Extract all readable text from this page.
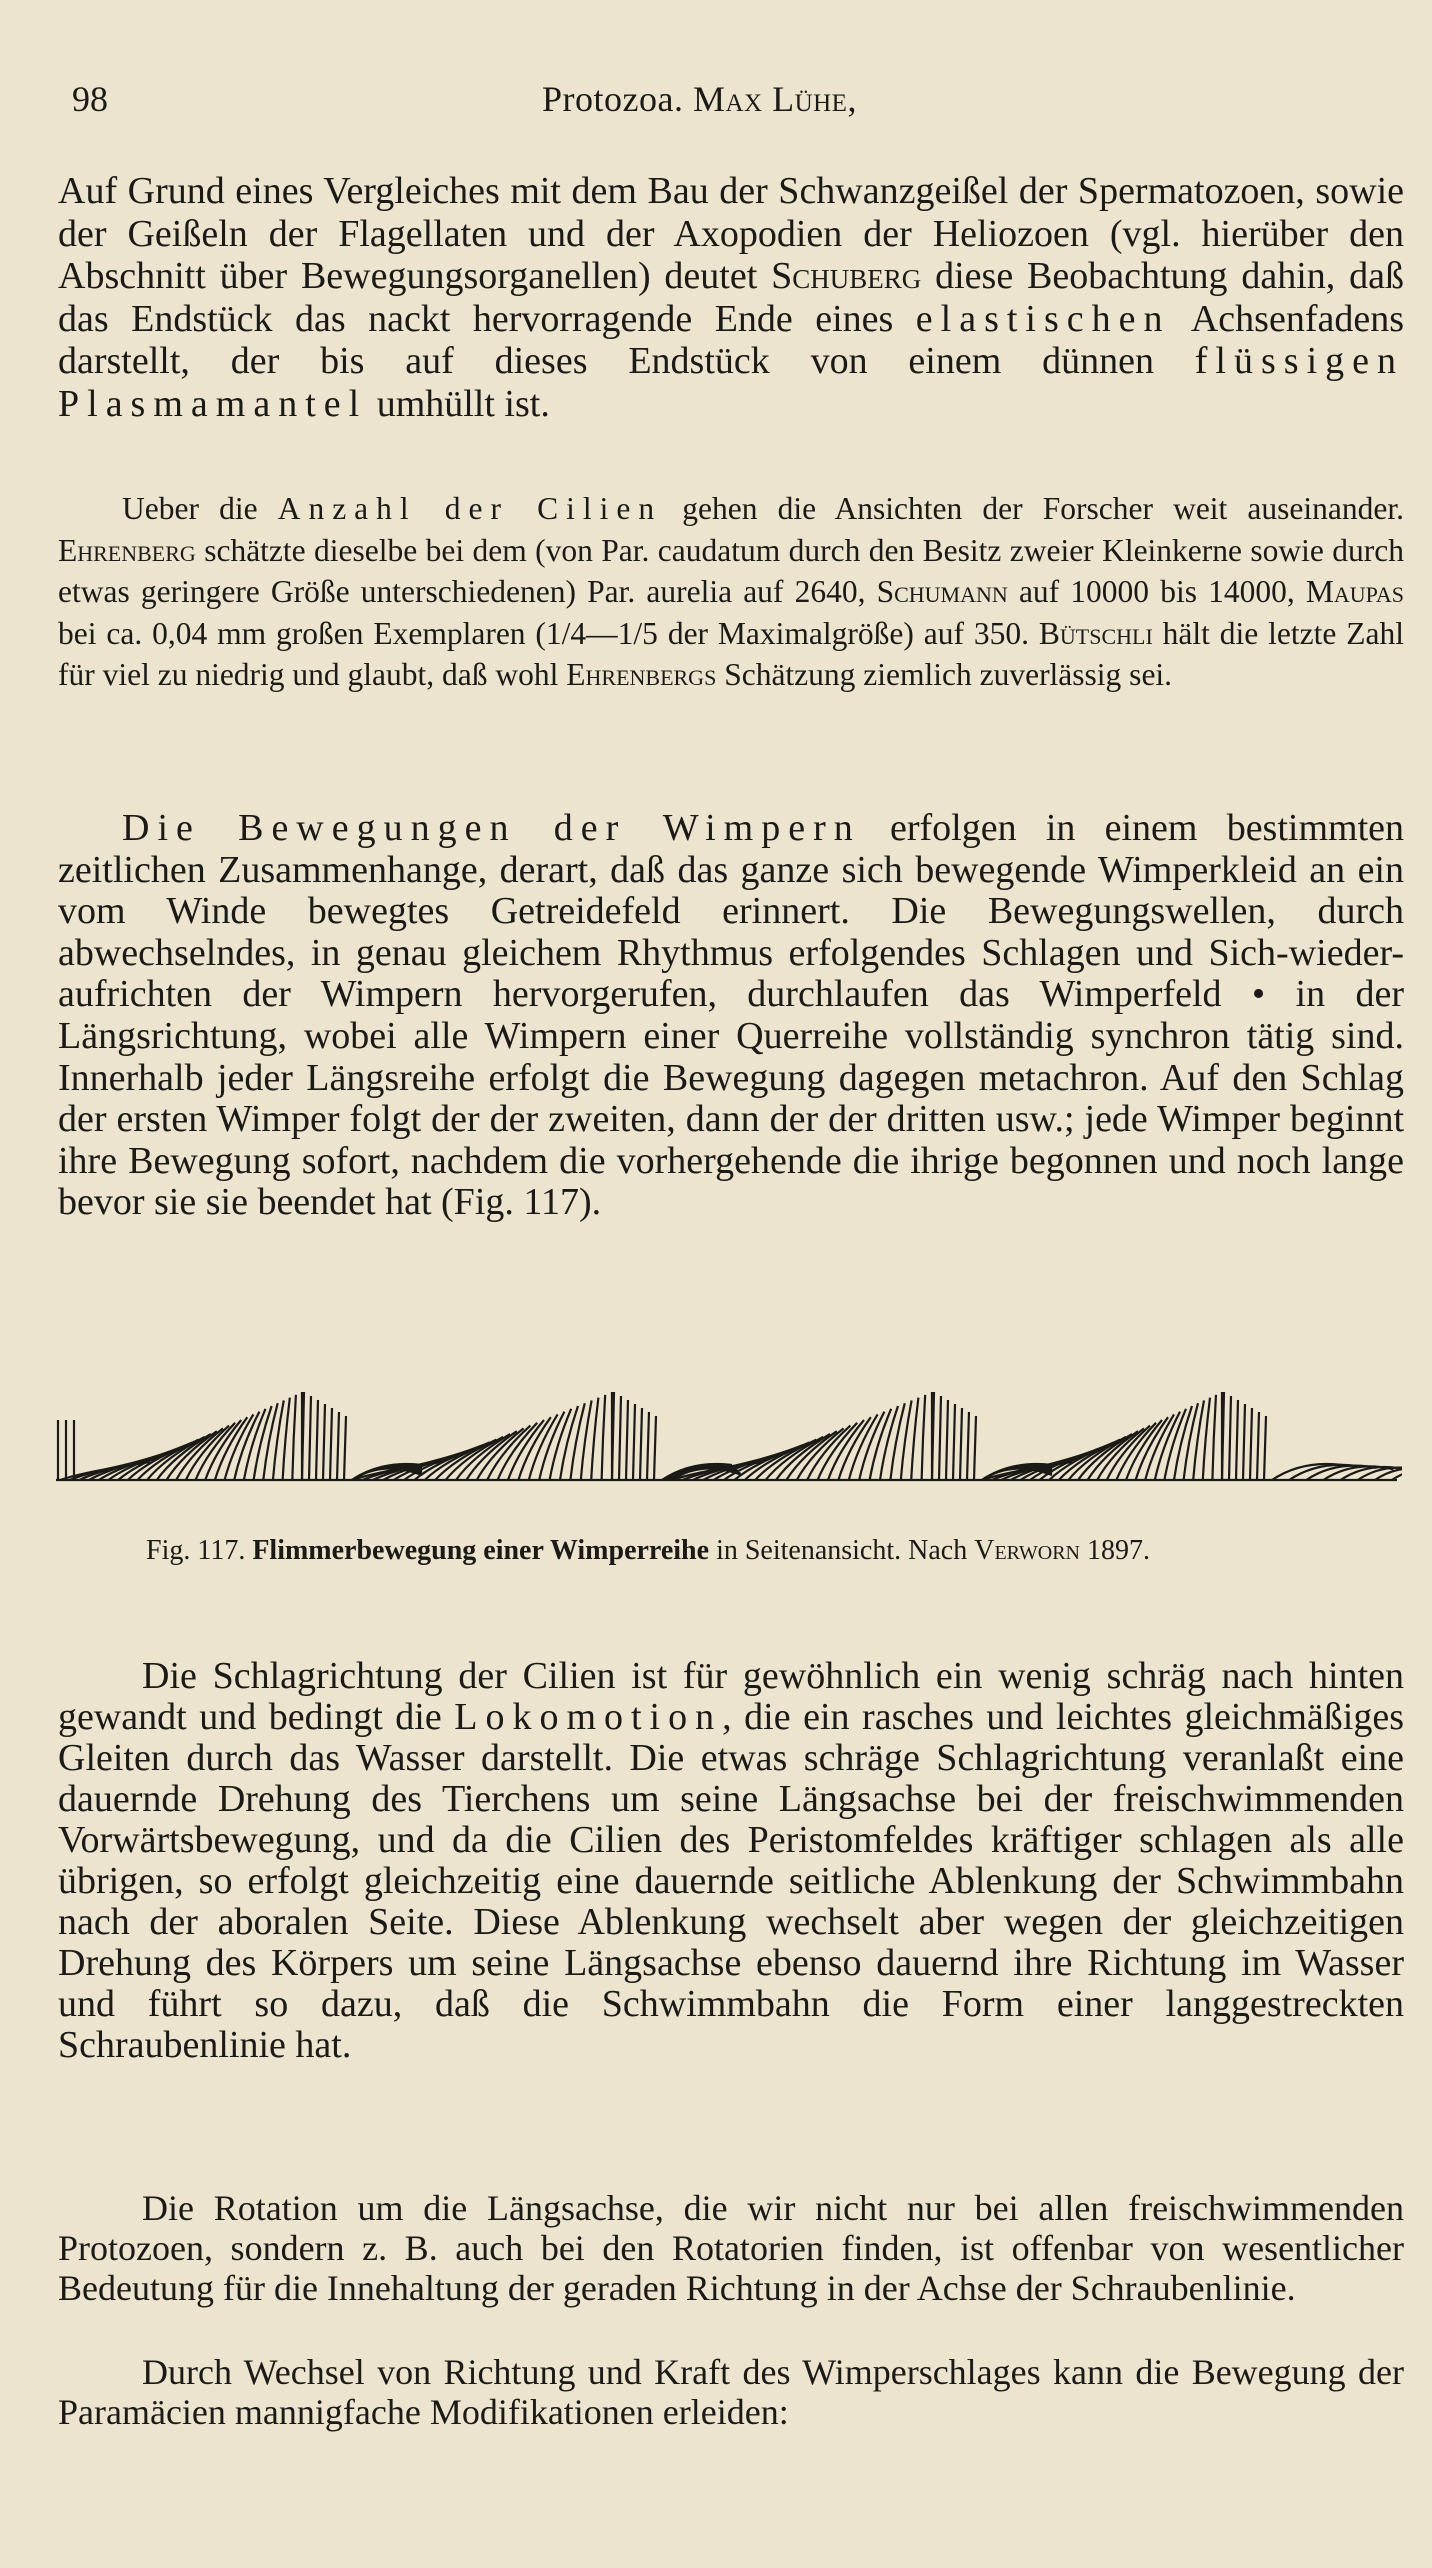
98	Protozoa. Max Lühe,

Auf Grund eines Vergleiches mit dem Bau der Schwanzgeißel der Spermatozoen, sowie der Geißeln der Flagellaten und der Axopodien der Heliozoen (vgl. hierüber den Abschnitt über Bewegungsorganellen) deutet Schuberg diese Beobachtung dahin, daß das Endstück das nackt hervorragende Ende eines elastischen Achsenfadens darstellt, der bis auf dieses Endstück von einem dünnen flüssigen Plasmamantel umhüllt ist.

Ueber die Anzahl der Cilien gehen die Ansichten der Forscher weit auseinander. Ehrenberg schätzte dieselbe bei dem (von Par. caudatum durch den Besitz zweier Kleinkerne sowie durch etwas geringere Größe unterschiedenen) Par. aurelia auf 2640, Schumann auf 10000 bis 14000, Maupas bei ca. 0,04 mm großen Exemplaren (1/4—1/5 der Maximalgröße) auf 350. Bütschli hält die letzte Zahl für viel zu niedrig und glaubt, daß wohl Ehrenbergs Schätzung ziemlich zuverlässig sei.

Die Bewegungen der Wimpern erfolgen in einem bestimmten zeitlichen Zusammenhange, derart, daß das ganze sich bewegende Wimperkleid an ein vom Winde bewegtes Getreidefeld erinnert. Die Bewegungswellen, durch abwechselndes, in genau gleichem Rhythmus erfolgendes Schlagen und Sich-wieder-aufrichten der Wimpern hervorgerufen, durchlaufen das Wimperfeld • in der Längsrichtung, wobei alle Wimpern einer Querreihe vollständig synchron tätig sind. Innerhalb jeder Längsreihe erfolgt die Bewegung dagegen metachron. Auf den Schlag der ersten Wimper folgt der der zweiten, dann der der dritten usw.; jede Wimper beginnt ihre Bewegung sofort, nachdem die vorhergehende die ihrige begonnen und noch lange bevor sie sie beendet hat (Fig. 117).

Fig. 117. Flimmerbewegung einer Wimperreihe in Seitenansicht. Nach Verworn 1897.

Die Schlagrichtung der Cilien ist für gewöhnlich ein wenig schräg nach hinten gewandt und bedingt die Lokomotion, die ein rasches und leichtes gleichmäßiges Gleiten durch das Wasser darstellt. Die etwas schräge Schlagrichtung veranlaßt eine dauernde Drehung des Tierchens um seine Längsachse bei der freischwimmenden Vorwärtsbewegung, und da die Cilien des Peristomfeldes kräftiger schlagen als alle übrigen, so erfolgt gleichzeitig eine dauernde seitliche Ablenkung der Schwimmbahn nach der aboralen Seite. Diese Ablenkung wechselt aber wegen der gleichzeitigen Drehung des Körpers um seine Längsachse ebenso dauernd ihre Richtung im Wasser und führt so dazu, daß die Schwimmbahn die Form einer langgestreckten Schraubenlinie hat.

Die Rotation um die Längsachse, die wir nicht nur bei allen freischwimmenden Protozoen, sondern z. B. auch bei den Rotatorien finden, ist offenbar von wesentlicher Bedeutung für die Innehaltung der geraden Richtung in der Achse der Schraubenlinie.

Durch Wechsel von Richtung und Kraft des Wimperschlages kann die Bewegung der Paramäcien mannigfache Modifikationen erleiden:
